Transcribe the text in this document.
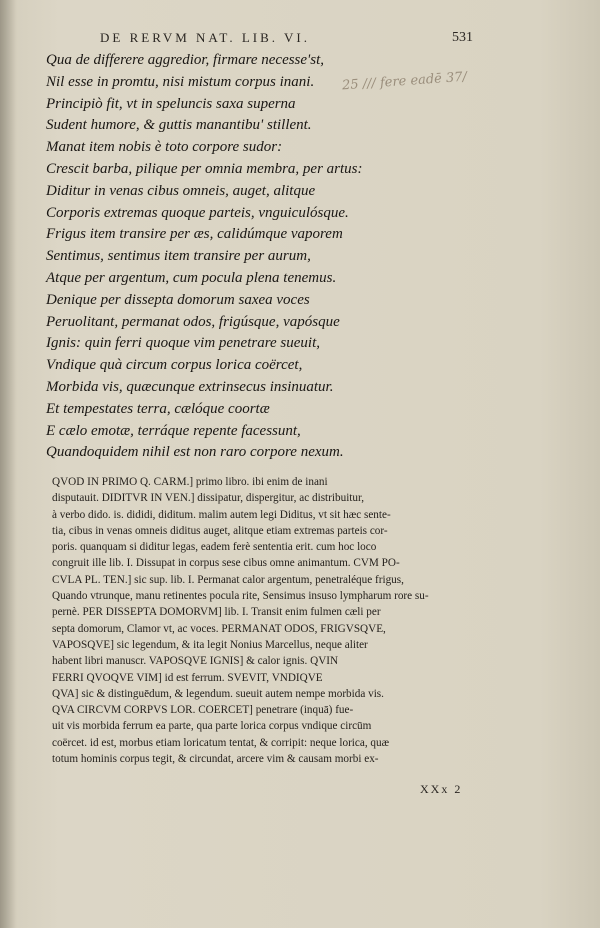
DE RERVM NAT. LIB. VI.	531
Qua de differere aggredior, firmare necesse'st,
Nil esse in promtu, nisi mistum corpus inani.
Principiò fit, vt in speluncis saxa superna
Sudent humore, & guttis manantibu' stillent.
Manat item nobis è toto corpore sudor:
Crescit barba, pilique per omnia membra, per artus:
Diditur in venas cibus omneis, auget, alitque
Corporis extremas quoque parteis, vnguiculósque.
Frigus item transire per æs, calidúmque vaporem
Sentimus, sentimus item transire per aurum,
Atque per argentum, cum pocula plena tenemus.
Denique per dissepta domorum saxea voces
Peruolitant, permanat odos, frigúsque, vapósque
Ignis: quin ferri quoque vim penetrare sueuit,
Vndique quà circum corpus lorica coërcet,
Morbida vis, quæcunque extrinsecus insinuatur.
Et tempestates terra, cælóque coortæ
E cælo emotæ, terráque repente facessunt,
Quandoquidem nihil est non raro corpore nexum.
25 /// fere eadē 37/
QVOD IN PRIMO Q. CARM.] primo libro. ibi enim de inani
disputauit. DIDITVR IN VEN.] dissipatur, dispergitur, ac distribuitur,
à verbo dido. is. dididi, diditum. malim autem legi Diditus, vt sit hæc sente-
tia, cibus in venas omneis diditus auget, alitque etiam extremas parteis cor-
poris. quanquam si diditur legas, eadem ferè sententia erit. cum hoc loco
congruit ille lib. I. Dissupat in corpus sese cibus omne animantum. CVM PO-
CVLA PL. TEN.] sic sup. lib. I. Permanat calor argentum, penetraléque frigus,
Quando vtrunque, manu retinentes pocula rite, Sensimus insuso lympharum rore su-
pernè. PER DISSEPTA DOMORVM] lib. I. Transit enim fulmen cæli per
septa domorum, Clamor vt, ac voces. PERMANAT ODOS, FRIGVSQVE,
VAPOSQVE] sic legendum, & ita legit Nonius Marcellus, neque aliter
habent libri manuscr. VAPOSQVE IGNIS] & calor ignis. QVIN
FERRI QVOQVE VIM] id est ferrum. SVEVIT, VNDIQVE
QVA] sic & distinguēdum, & legendum. sueuit autem nempe morbida vis.
QVA CIRCVM CORPVS LOR. COERCET] penetrare (inquā) fue-
uit vis morbida ferrum ea parte, qua parte lorica corpus vndique circūm
coërcet. id est, morbus etiam loricatum tentat, & corripit: neque lorica, quæ
totum hominis corpus tegit, & circundat, arcere vim & causam morbi ex-
XXx 2
